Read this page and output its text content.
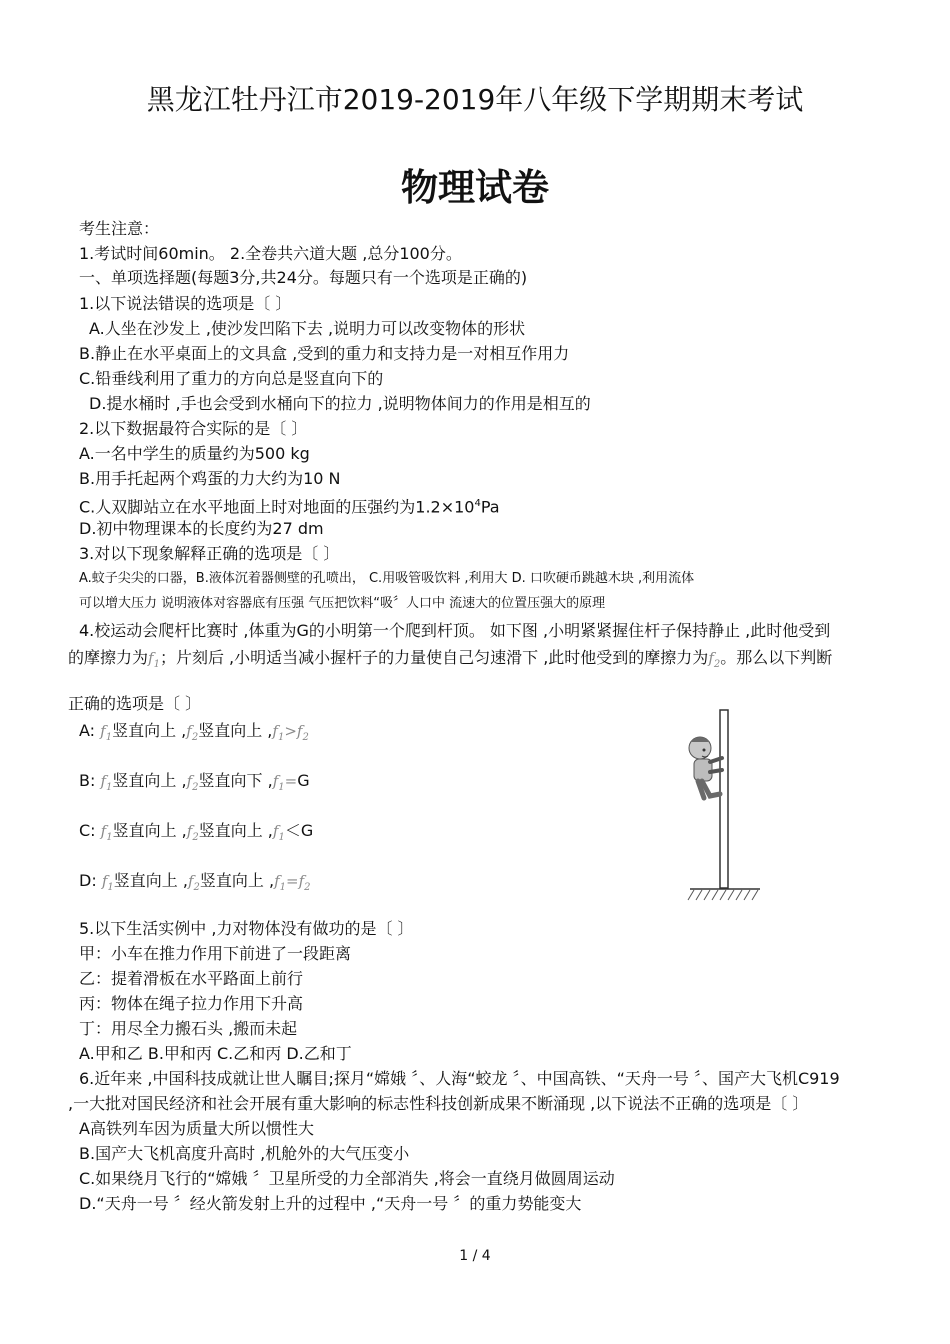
黑龙江牡丹江市2019-2019年八年级下学期期末考试
物理试卷
考生注意：
1.考试时间60min。 2.全卷共六道大题 ,总分100分。
一、单项选择题(每题3分,共24分。每题只有一个选项是正确的)
1.以下说法错误的选项是〔 〕
A.人坐在沙发上 ,使沙发凹陷下去 ,说明力可以改变物体的形状
B.静止在水平桌面上的文具盒 ,受到的重力和支持力是一对相互作用力
C.铅垂线利用了重力的方向总是竖直向下的
D.提水桶时 ,手也会受到水桶向下的拉力 ,说明物体间力的作用是相互的
2.以下数据最符合实际的是〔 〕
A.一名中学生的质量约为500 kg
B.用手托起两个鸡蛋的力大约为10 N
C.人双脚站立在水平地面上时对地面的压强约为$1.2\times 10^4Pa$
D.初中物理课本的长度约为27 dm
3.对以下现象解释正确的选项是〔 〕
A.蚊子尖尖的口器，B.液体沉着器侧壁的孔喷出， C.用吸管吸饮料 ,利用大 D. 口吹硬币跳越木块 ,利用流体
可以增大压力 说明液体对容器底有压强 气压把饮料“吸〞人口中 流速大的位置压强大的原理
4.校运动会爬杆比赛时 ,体重为G的小明第一个爬到杆顶。 如下图 ,小明紧紧握住杆子保持静止 ,此时他受到
的摩擦力为$f_1$；片刻后 ,小明适当减小握杆子的力量使自己匀速滑下 ,此时他受到的摩擦力为$f_2$。那么以下判断
正确的选项是〔 〕
A: $f_1$竖直向上 $,f_2$竖直向上 $,f_1>f_2$
B: $f_1$竖直向上 $,f_2$竖直向下 $,f_1=G$
C: $f_1$竖直向上 $,f_2$竖直向上 $,f_1<G$
D: $f_1$竖直向上 $,f_2$竖直向上 $,f_1=f_2$
5.以下生活实例中 ,力对物体没有做功的是〔 〕
甲：小车在推力作用下前进了一段距离
乙：提着滑板在水平路面上前行
丙：物体在绳子拉力作用下升高
丁：用尽全力搬石头 ,搬而未起
A.甲和乙 B.甲和丙 C.乙和丙 D.乙和丁
6.近年来 ,中国科技成就让世人瞩目;探月“嫦娥 〞、人海“蛟龙 〞、中国高铁、“天舟一号 〞、国产大飞机C919
,一大批对国民经济和社会开展有重大影响的标志性科技创新成果不断涌现 ,以下说法不正确的选项是〔 〕
A高铁列车因为质量大所以惯性大
B.国产大飞机高度升高时 ,机舱外的大气压变小
C.如果绕月飞行的“嫦娥 〞卫星所受的力全部消失 ,将会一直绕月做圆周运动
D.“天舟一号 〞经火箭发射上升的过程中 ,“天舟一号 〞的重力势能变大
1 / 4
